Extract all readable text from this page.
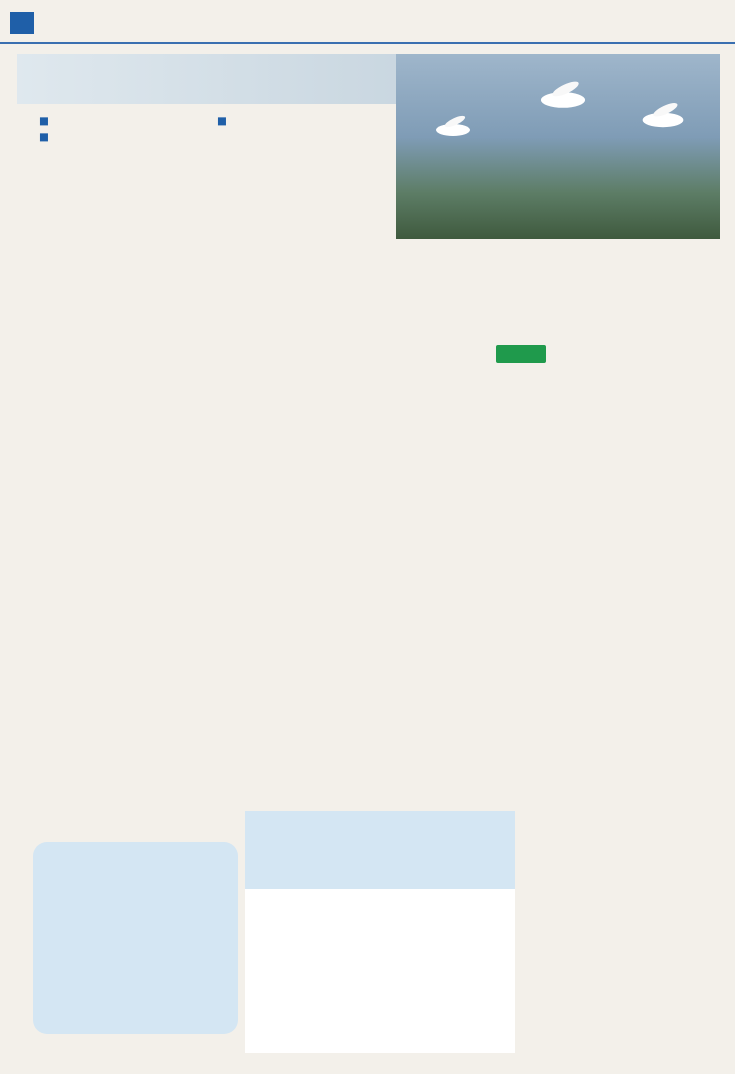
■

■

■
